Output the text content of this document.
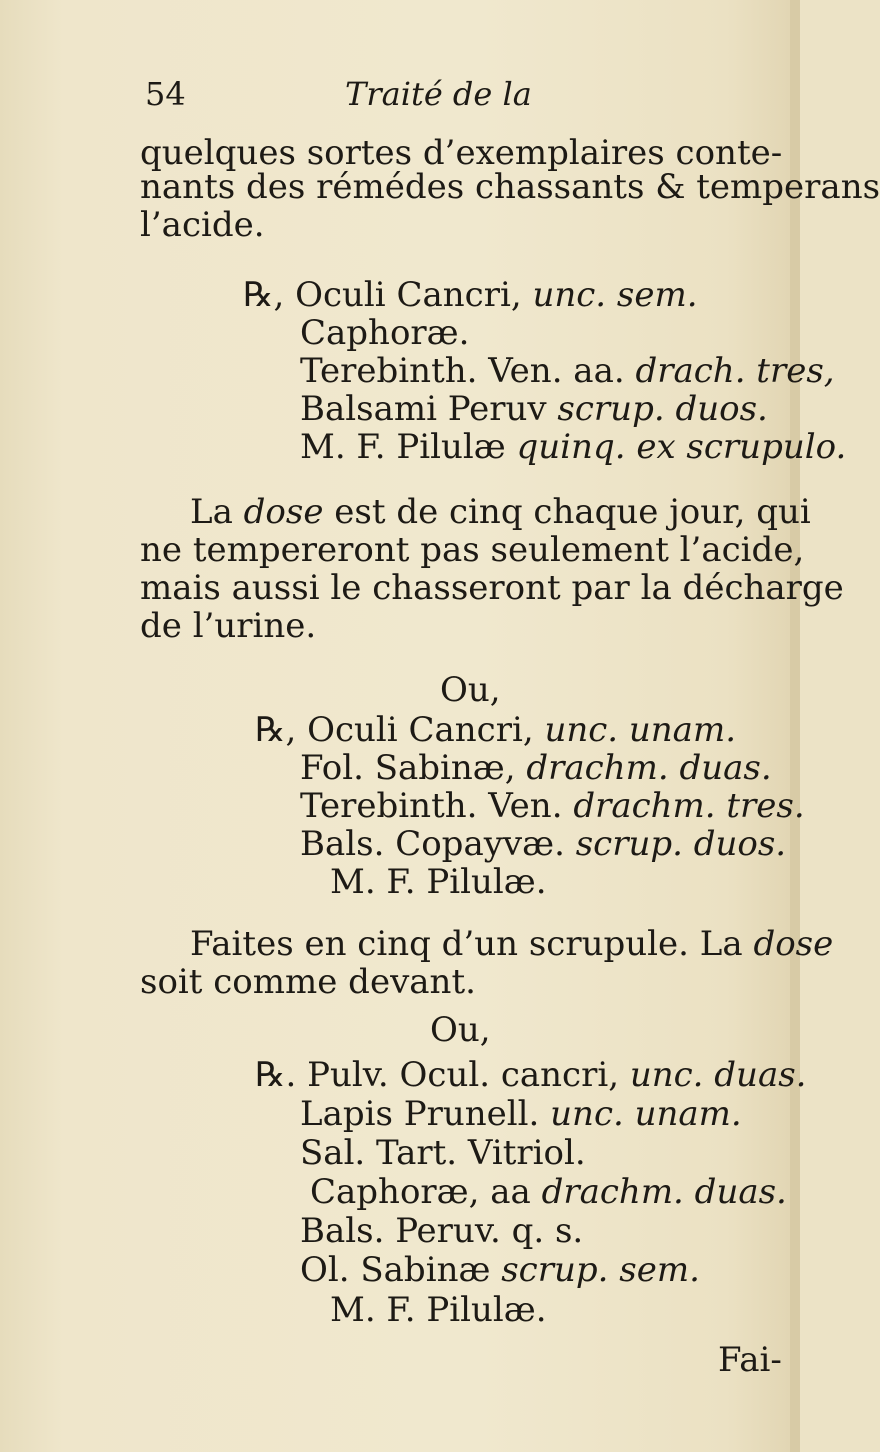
54	Traité de la
quelques sortes d’exemplaires conte-
nants des rémédes chassants & temperans
l’acide.
℞, Oculi Cancri, unc. sem.
Caphoræ.
Terebinth. Ven. aa. drach. tres,
Balsami Peruv scrup. duos.
M. F. Pilulæ quinq. ex scrupulo.
La dose est de cinq chaque jour, qui
ne tempereront pas seulement l’acide,
mais aussi le chasseront par la décharge
de l’urine.
Ou,
℞, Oculi Cancri, unc. unam.
Fol. Sabinæ, drachm. duas.
Terebinth. Ven. drachm. tres.
Bals. Copayvæ. scrup. duos.
M. F. Pilulæ.
Faites en cinq d’un scrupule. La dose
soit comme devant.
Ou,
℞. Pulv. Ocul. cancri, unc. duas.
Lapis Prunell. unc. unam.
Sal. Tart. Vitriol.
Caphoræ, aa drachm. duas.
Bals. Peruv. q. s.
Ol. Sabinæ scrup. sem.
M. F. Pilulæ.
Fai-
